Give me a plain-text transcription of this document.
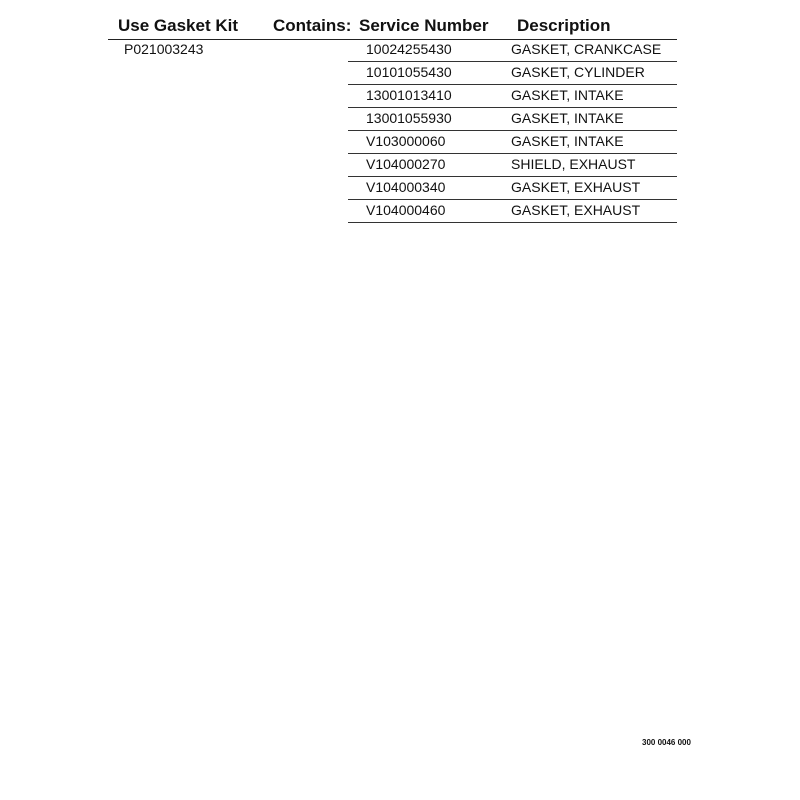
Use Gasket Kit Contains: Service Number Description
P021003243	10024255430	GASKET, CRANKCASE
10101055430	GASKET, CYLINDER
13001013410	GASKET, INTAKE
13001055930	GASKET, INTAKE
V103000060	GASKET, INTAKE
V104000270	SHIELD, EXHAUST
V104000340	GASKET, EXHAUST
V104000460	GASKET, EXHAUST
300 0046 000
